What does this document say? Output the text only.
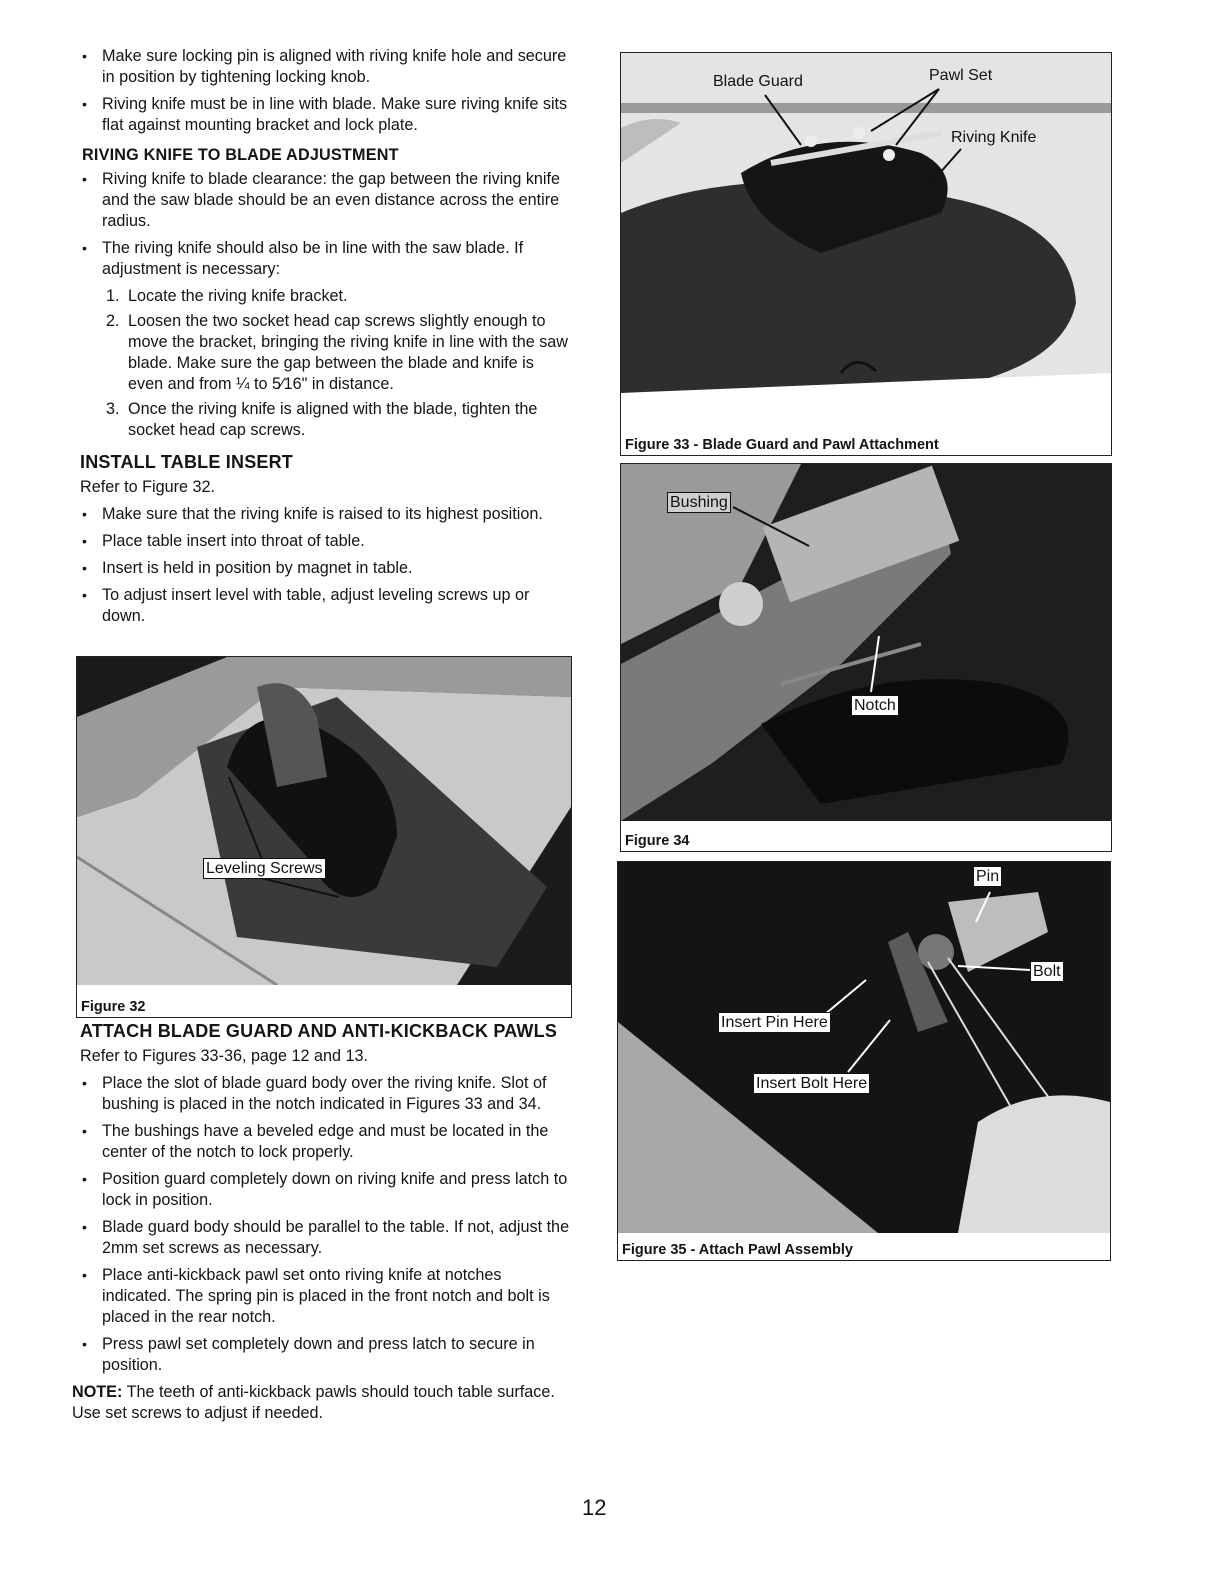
• Make sure locking pin is aligned with riving knife hole and secure in position by tightening locking knob.
• Riving knife must be in line with blade. Make sure riving knife sits flat against mounting bracket and lock plate.
RIVING KNIFE TO BLADE ADJUSTMENT
• Riving knife to blade clearance: the gap between the riving knife and the saw blade should be an even distance across the entire radius.
• The riving knife should also be in line with the saw blade. If adjustment is necessary:
1. Locate the riving knife bracket.
2. Loosen the two socket head cap screws slightly enough to move the bracket, bringing the riving knife in line with the saw blade. Make sure the gap between the blade and knife is even and from ¼ to 5⁄16" in distance.
3. Once the riving knife is aligned with the blade, tighten the socket head cap screws.
INSTALL TABLE INSERT
Refer to Figure 32.
• Make sure that the riving knife is raised to its highest position.
• Place table insert into throat of table.
• Insert is held in position by magnet in table.
• To adjust insert level with table, adjust leveling screws up or down.
Leveling Screws
Figure 32
ATTACH BLADE GUARD AND ANTI-KICKBACK PAWLS
Refer to Figures 33-36, page 12 and 13.
• Place the slot of blade guard body over the riving knife. Slot of bushing is placed in the notch indicated in Figures 33 and 34.
• The bushings have a beveled edge and must be located in the center of the notch to lock properly.
• Position guard completely down on riving knife and press latch to lock in position.
• Blade guard body should be parallel to the table. If not, adjust the 2mm set screws as necessary.
• Place anti-kickback pawl set onto riving knife at notches indicated. The spring pin is placed in the front notch and bolt is placed in the rear notch.
• Press pawl set completely down and press latch to secure in position.
NOTE: The teeth of anti-kickback pawls should touch table surface. Use set screws to adjust if needed.
Blade Guard	Pawl Set
Riving Knife
Figure 33 - Blade Guard and Pawl Attachment
Bushing
Notch
Figure 34
Pin
Bolt
Insert Pin Here
Insert Bolt Here
Figure 35 - Attach Pawl Assembly
12
